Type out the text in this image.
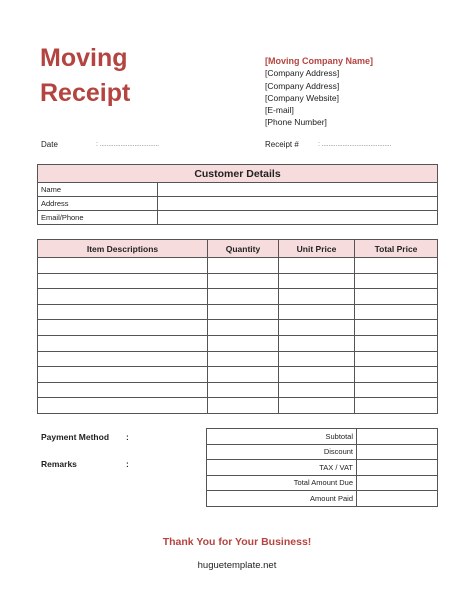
Moving
Receipt
[Moving Company Name]
[Company Address]
[Company Address]
[Company Website]
[E-mail]
[Phone Number]
Date	: ..................................	Receipt #	: ........................................
Customer Details	
Name	
Address	
Email/Phone	
Item Descriptions	Quantity	Unit Price	Total Price

Payment Method :
Remarks	:
Subtotal	
Discount	
TAX / VAT	
Total Amount Due	
Amount Paid	
Thank You for Your Business!
huguetemplate.net
